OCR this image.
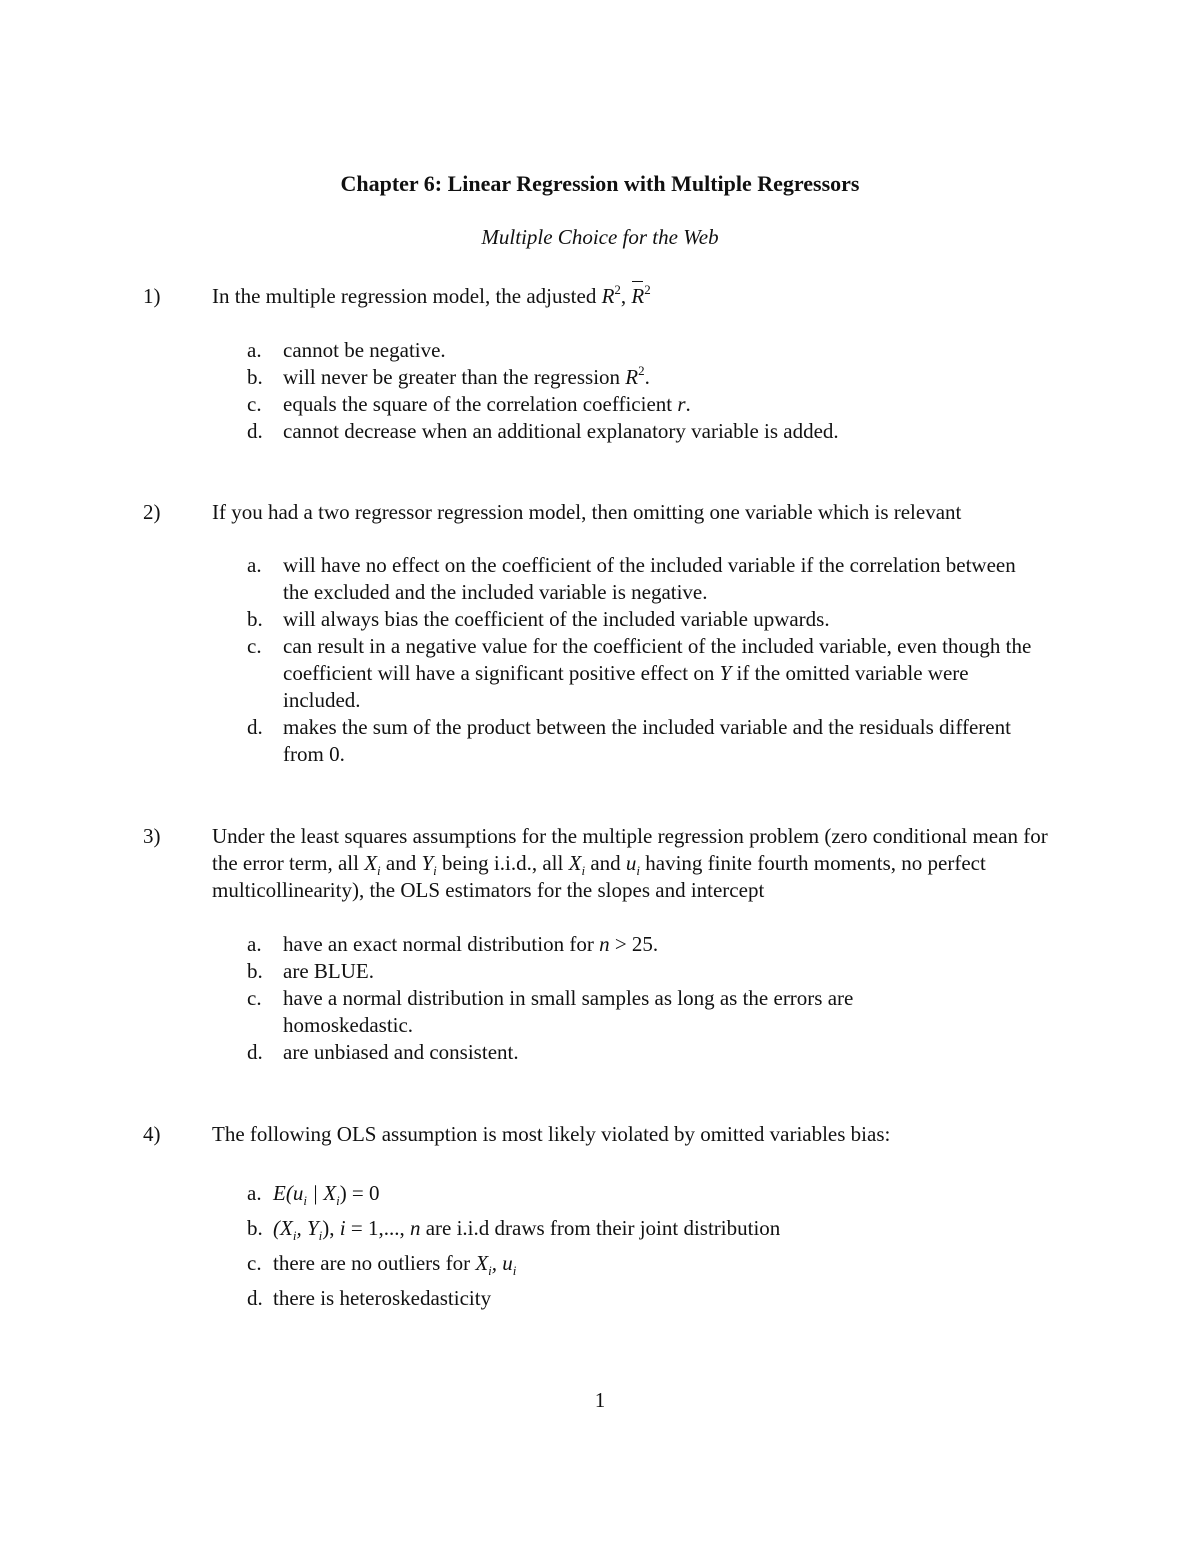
Chapter 6: Linear Regression with Multiple Regressors
Multiple Choice for the Web
1) In the multiple regression model, the adjusted $R^2$, $R^2$
a. cannot be negative.
b. will never be greater than the regression $R^2$.
c. equals the square of the correlation coefficient r.
d. cannot decrease when an additional explanatory variable is added.
2) If you had a two regressor regression model, then omitting one variable which is relevant
a. will have no effect on the coefficient of the included variable if the correlation between the excluded and the included variable is negative.
b. will always bias the coefficient of the included variable upwards.
c. can result in a negative value for the coefficient of the included variable, even though the coefficient will have a significant positive effect on Y if the omitted variable were included.
d. makes the sum of the product between the included variable and the residuals different from 0.
3) Under the least squares assumptions for the multiple regression problem (zero conditional mean for the error term, all $X_i$ and $Y_i$ being i.i.d., all $X_i$ and $u_i$ having finite fourth moments, no perfect multicollinearity), the OLS estimators for the slopes and intercept
a. have an exact normal distribution for n > 25.
b. are BLUE.
c. have a normal distribution in small samples as long as the errors are homoskedastic.
d. are unbiased and consistent.
4) The following OLS assumption is most likely violated by omitted variables bias:
a. $E(u_i$ | $X_i) = 0$
b. ($X_i$, $Y_i$), i = 1,..., n are i.i.d draws from their joint distribution
c. there are no outliers for $X_i$, $u_i$
d. there is heteroskedasticity
1
